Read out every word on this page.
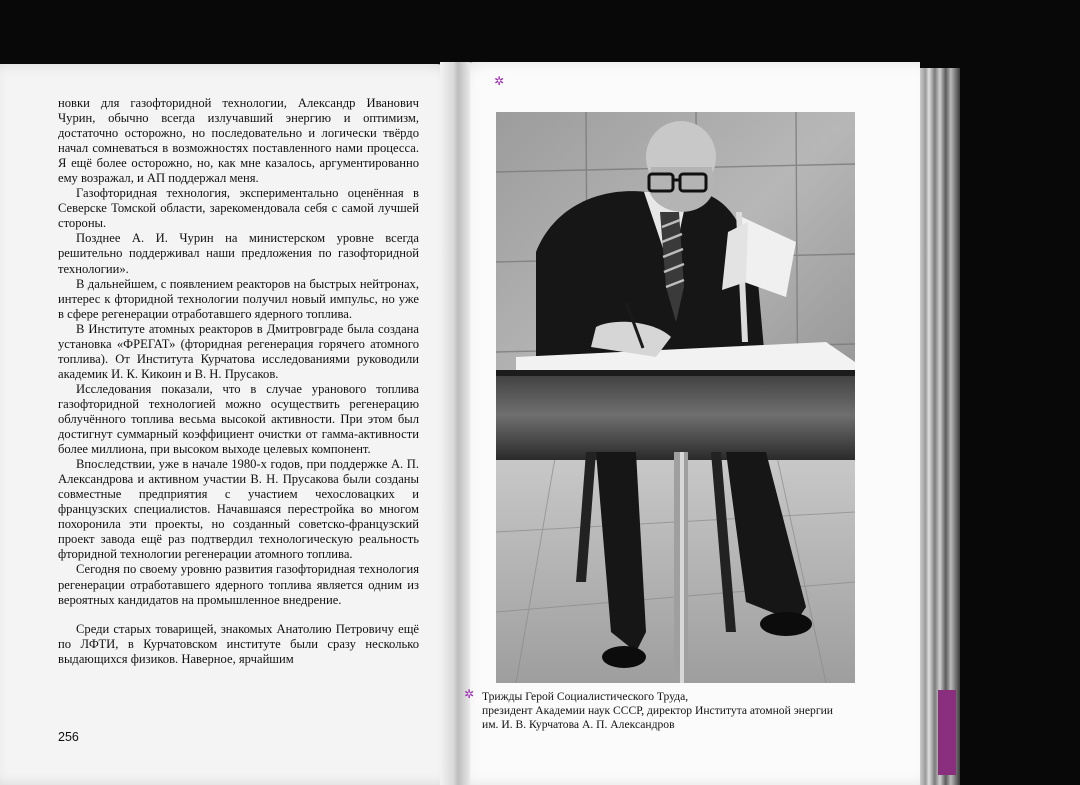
новки для газофторидной технологии, Александр Иванович Чурин, обычно всегда излучавший энергию и оптимизм, достаточно осторожно, но последовательно и логически твёрдо начал сомневаться в возможностях поставленного нами процесса. Я ещё более осторожно, но, как мне казалось, аргументированно ему возражал, и АП поддержал меня.

Газофторидная технология, экспериментально оценённая в Северске Томской области, зарекомендовала себя с самой лучшей стороны.

Позднее А. И. Чурин на министерском уровне всегда решительно поддерживал наши предложения по газофторидной технологии».

В дальнейшем, с появлением реакторов на быстрых нейтронах, интерес к фторидной технологии получил новый импульс, но уже в сфере регенерации отработавшего ядерного топлива.

В Институте атомных реакторов в Дмитровграде была создана установка «ФРЕГАТ» (фторидная регенерация горячего атомного топлива). От Института Курчатова исследованиями руководили академик И. К. Кикоин и В. Н. Прусаков.

Исследования показали, что в случае уранового топлива газофторидной технологией можно осуществить регенерацию облучённого топлива весьма высокой активности. При этом был достигнут суммарный коэффициент очистки от гамма-активности более миллиона, при высоком выходе целевых компонент.

Впоследствии, уже в начале 1980-х годов, при поддержке А. П. Александрова и активном участии В. Н. Прусакова были созданы совместные предприятия с участием чехословацких и французских специалистов. Начавшаяся перестройка во многом похоронила эти проекты, но созданный советско-французский проект завода ещё раз подтвердил технологическую реальность фторидной технологии регенерации атомного топлива.

Сегодня по своему уровню развития газофторидная технология регенерации отработавшего ядерного топлива является одним из вероятных кандидатов на промышленное внедрение.

Среди старых товарищей, знакомых Анатолию Петровичу ещё по ЛФТИ, в Курчатовском институте были сразу несколько выдающихся физиков. Наверное, ярчайшим

256
Трижды Герой Социалистического Труда,
президент Академии наук СССР, директор Института атомной энергии
им. И. В. Курчатова А. П. Александров
✲
✲
